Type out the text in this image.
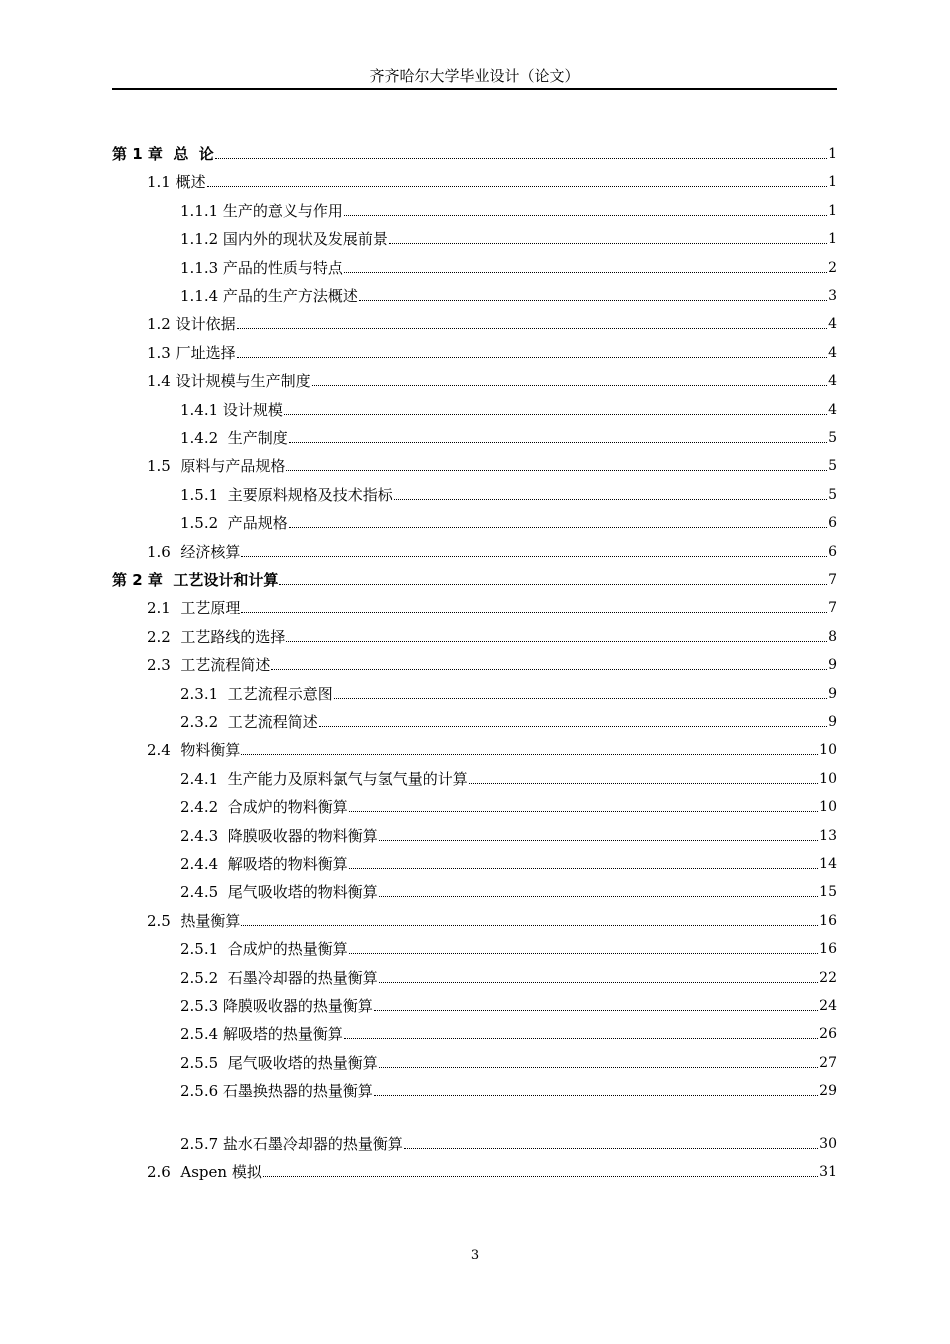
齐齐哈尔大学毕业设计（论文）
第 1 章  总  论	1
1.1 概述	1
1.1.1 生产的意义与作用	1
1.1.2 国内外的现状及发展前景	1
1.1.3 产品的性质与特点	2
1.1.4 产品的生产方法概述	3
1.2 设计依据	4
1.3 厂址选择	4
1.4 设计规模与生产制度	4
1.4.1 设计规模	4
1.4.2  生产制度	5
1.5  原料与产品规格	5
1.5.1  主要原料规格及技术指标	5
1.5.2  产品规格	6
1.6  经济核算	6
第 2 章  工艺设计和计算	7
2.1  工艺原理	7
2.2  工艺路线的选择	8
2.3  工艺流程简述	9
2.3.1  工艺流程示意图	9
2.3.2  工艺流程简述	9
2.4  物料衡算	10
2.4.1  生产能力及原料氯气与氢气量的计算	10
2.4.2  合成炉的物料衡算	10
2.4.3  降膜吸收器的物料衡算	13
2.4.4  解吸塔的物料衡算	14
2.4.5  尾气吸收塔的物料衡算	15
2.5  热量衡算	16
2.5.1  合成炉的热量衡算	16
2.5.2  石墨冷却器的热量衡算	22
2.5.3 降膜吸收器的热量衡算	24
2.5.4 解吸塔的热量衡算	26
2.5.5  尾气吸收塔的热量衡算	27
2.5.6 石墨换热器的热量衡算	29
2.5.7 盐水石墨冷却器的热量衡算	30
2.6  Aspen 模拟	31
3
